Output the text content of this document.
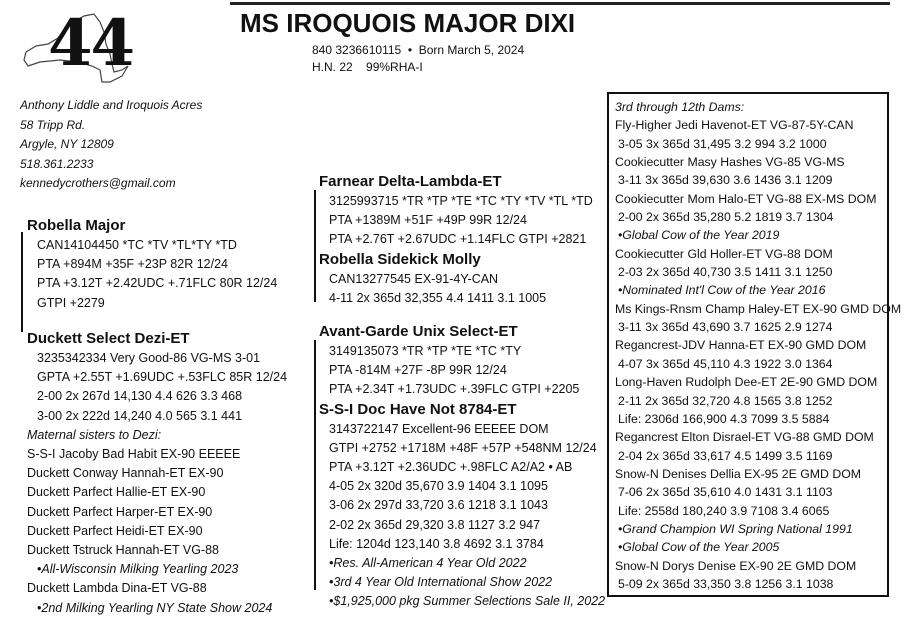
44	MS IROQUOIS MAJOR DIXI
840 3236610115  •  Born March 5, 2024
H.N. 22 99%RHA-I
Anthony Liddle and Iroquois Acres
58 Tripp Rd.
Argyle, NY 12809
518.361.2233
kennedycrothers@gmail.com
Robella Major
CAN14104450 *TC *TV *TL*TY *TD
PTA +894M +35F +23P 82R 12/24
PTA +3.12T +2.42UDC +.71FLC 80R 12/24
GTPI +2279
Duckett Select Dezi-ET
3235342334 Very Good-86 VG-MS 3-01
GPTA +2.55T +1.69UDC +.53FLC 85R 12/24
2-00 2x 267d 14,130 4.4 626 3.3 468
3-00 2x 222d 14,240 4.0 565 3.1 441
Maternal sisters to Dezi:
S-S-I Jacoby Bad Habit EX-90 EEEEE
Duckett Conway Hannah-ET EX-90
Duckett Parfect Hallie-ET EX-90
Duckett Parfect Harper-ET EX-90
Duckett Parfect Heidi-ET EX-90
Duckett Tstruck Hannah-ET VG-88
•All-Wisconsin Milking Yearling 2023
Duckett Lambda Dina-ET VG-88
•2nd Milking Yearling NY State Show 2024
Farnear Delta-Lambda-ET
3125993715 *TR *TP *TE *TC *TY *TV *TL *TD
PTA +1389M +51F +49P 99R 12/24
PTA +2.76T +2.67UDC +1.14FLC GTPI +2821
Robella Sidekick Molly
CAN13277545 EX-91-4Y-CAN
4-11 2x 365d 32,355 4.4 1411 3.1 1005
Avant-Garde Unix Select-ET
3149135073 *TR *TP *TE *TC *TY
PTA -814M +27F -8P 99R 12/24
PTA +2.34T +1.73UDC +.39FLC GTPI +2205
S-S-I Doc Have Not 8784-ET
3143722147 Excellent-96 EEEEE DOM
GTPI +2752 +1718M +48F +57P +548NM 12/24
PTA +3.12T +2.36UDC +.98FLC A2/A2 • AB
4-05 2x 320d 35,670 3.9 1404 3.1 1095
3-06 2x 297d 33,720 3.6 1218 3.1 1043
2-02 2x 365d 29,320 3.8 1127 3.2 947
Life: 1204d 123,140 3.8 4692 3.1 3784
•Res. All-American 4 Year Old 2022
•3rd 4 Year Old International Show 2022
•$1,925,000 pkg Summer Selections Sale II, 2022
3rd through 12th Dams:
Fly-Higher Jedi Havenot-ET VG-87-5Y-CAN
3-05 3x 365d 31,495 3.2 994 3.2 1000
Cookiecutter Masy Hashes VG-85 VG-MS
3-11 3x 365d 39,630 3.6 1436 3.1 1209
Cookiecutter Mom Halo-ET VG-88 EX-MS DOM
2-00 2x 365d 35,280 5.2 1819 3.7 1304
•Global Cow of the Year 2019
Cookiecutter Gld Holler-ET VG-88 DOM
2-03 2x 365d 40,730 3.5 1411 3.1 1250
•Nominated Int'l Cow of the Year 2016
Ms Kings-Rnsm Champ Haley-ET EX-90 GMD DOM
3-11 3x 365d 43,690 3.7 1625 2.9 1274
Regancrest-JDV Hanna-ET EX-90 GMD DOM
4-07 3x 365d 45,110 4.3 1922 3.0 1364
Long-Haven Rudolph Dee-ET 2E-90 GMD DOM
2-11 2x 365d 32,720 4.8 1565 3.8 1252
Life: 2306d 166,900 4.3 7099 3.5 5884
Regancrest Elton Disrael-ET VG-88 GMD DOM
2-04 2x 365d 33,617 4.5 1499 3.5 1169
Snow-N Denises Dellia EX-95 2E GMD DOM
7-06 2x 365d 35,610 4.0 1431 3.1 1103
Life: 2558d 180,240 3.9 7108 3.4 6065
•Grand Champion WI Spring National 1991
•Global Cow of the Year 2005
Snow-N Dorys Denise EX-90 2E GMD DOM
5-09 2x 365d 33,350 3.8 1256 3.1 1038
